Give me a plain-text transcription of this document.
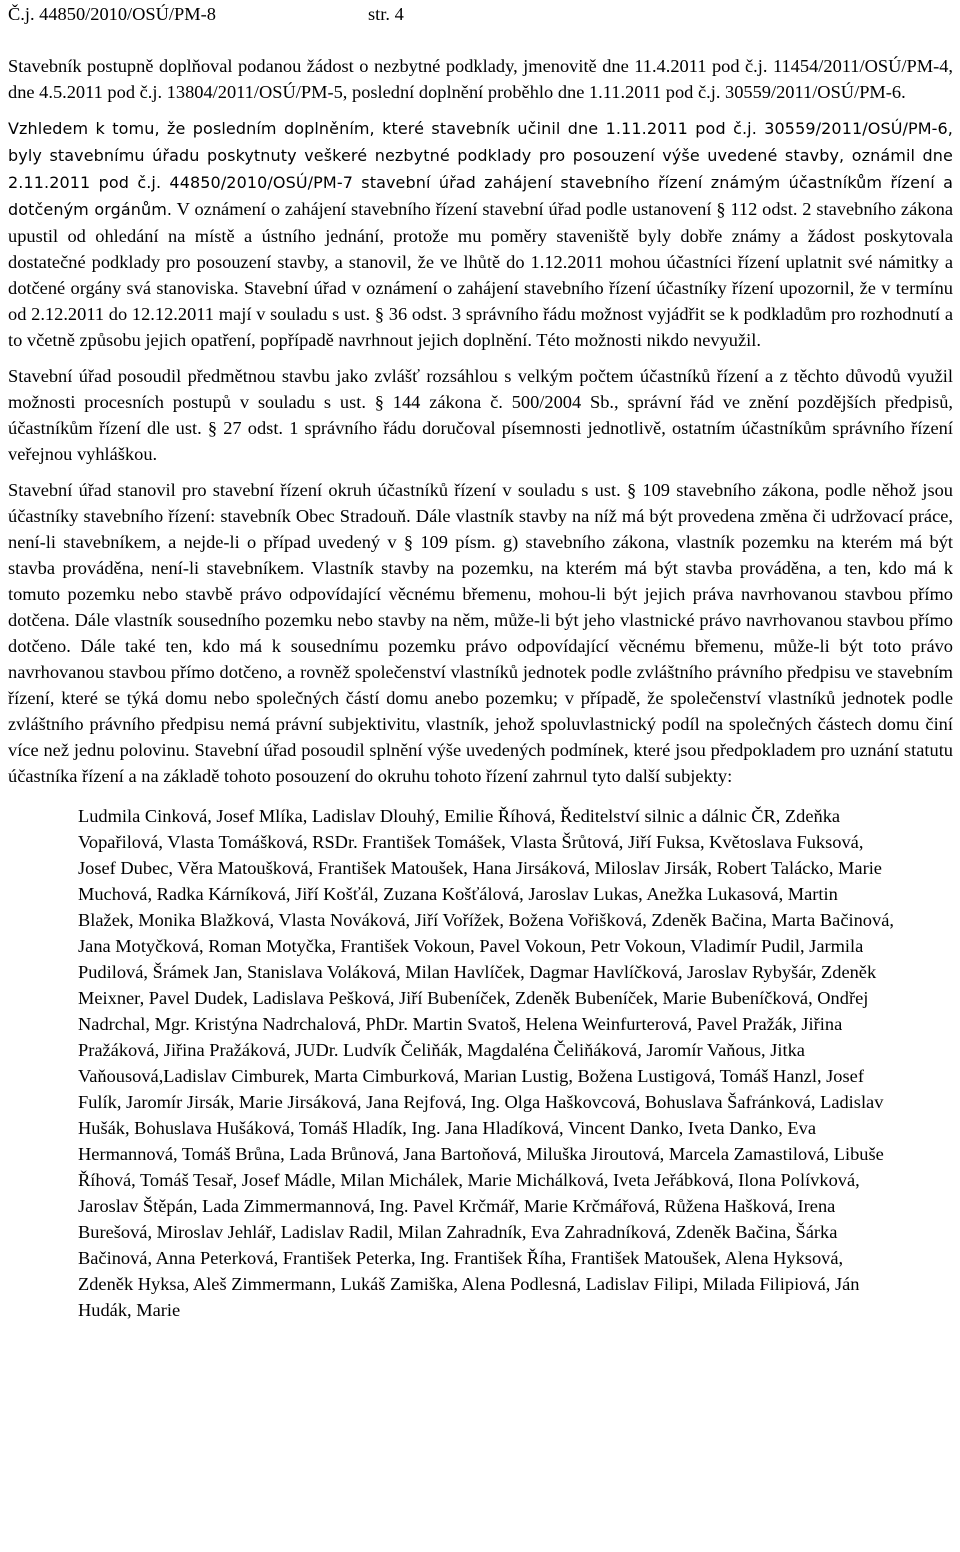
Č.j. 44850/2010/OSÚ/PM-8	str. 4

Stavebník postupně doplňoval podanou žádost o nezbytné podklady, jmenovitě dne 11.4.2011 pod č.j. 11454/2011/OSÚ/PM-4, dne 4.5.2011 pod č.j. 13804/2011/OSÚ/PM-5, poslední doplnění proběhlo dne 1.11.2011 pod č.j. 30559/2011/OSÚ/PM-6.

Vzhledem k tomu, že posledním doplněním, které stavebník učinil dne 1.11.2011 pod č.j. 30559/2011/OSÚ/PM-6, byly stavebnímu úřadu poskytnuty veškeré nezbytné podklady pro posouzení výše uvedené stavby, oznámil dne 2.11.2011 pod č.j. 44850/2010/OSÚ/PM-7 stavební úřad zahájení stavebního řízení známým účastníkům řízení a dotčeným orgánům. V oznámení o zahájení stavebního řízení stavební úřad podle ustanovení § 112 odst. 2 stavebního zákona upustil od ohledání na místě a ústního jednání, protože mu poměry staveniště byly dobře známy a žádost poskytovala dostatečné podklady pro posouzení stavby, a stanovil, že ve lhůtě do 1.12.2011 mohou účastníci řízení uplatnit své námitky a dotčené orgány svá stanoviska. Stavební úřad v oznámení o zahájení stavebního řízení účastníky řízení upozornil, že v termínu od 2.12.2011 do 12.12.2011 mají v souladu s ust. § 36 odst. 3 správního řádu možnost vyjádřit se k podkladům pro rozhodnutí a to včetně způsobu jejich opatření, popřípadě navrhnout jejich doplnění. Této možnosti nikdo nevyužil.

Stavební úřad posoudil předmětnou stavbu jako zvlášť rozsáhlou s velkým počtem účastníků řízení a z těchto důvodů využil možnosti procesních postupů v souladu s ust. § 144 zákona č. 500/2004 Sb., správní řád ve znění pozdějších předpisů, účastníkům řízení dle ust. § 27 odst. 1 správního řádu doručoval písemnosti jednotlivě, ostatním účastníkům správního řízení veřejnou vyhláškou.

Stavební úřad stanovil pro stavební řízení okruh účastníků řízení v souladu s ust. § 109 stavebního zákona, podle něhož jsou účastníky stavebního řízení: stavebník Obec Stradouň. Dále vlastník stavby na níž má být provedena změna či udržovací práce, není-li stavebníkem, a nejde-li o případ uvedený v § 109 písm. g) stavebního zákona, vlastník pozemku na kterém má být stavba prováděna, není-li stavebníkem. Vlastník stavby na pozemku, na kterém má být stavba prováděna, a ten, kdo má k tomuto pozemku nebo stavbě právo odpovídající věcnému břemenu, mohou-li být jejich práva navrhovanou stavbou přímo dotčena. Dále vlastník sousedního pozemku nebo stavby na něm, může-li být jeho vlastnické právo navrhovanou stavbou přímo dotčeno. Dále také ten, kdo má k sousednímu pozemku právo odpovídající věcnému břemenu, může-li být toto právo navrhovanou stavbou přímo dotčeno, a rovněž společenství vlastníků jednotek podle zvláštního právního předpisu ve stavebním řízení, které se týká domu nebo společných částí domu anebo pozemku; v případě, že společenství vlastníků jednotek podle zvláštního právního předpisu nemá právní subjektivitu, vlastník, jehož spoluvlastnický podíl na společných částech domu činí více než jednu polovinu. Stavební úřad posoudil splnění výše uvedených podmínek, které jsou předpokladem pro uznání statutu účastníka řízení a na základě tohoto posouzení do okruhu tohoto řízení zahrnul tyto další subjekty:

Ludmila Cinková, Josef Mlíka, Ladislav Dlouhý, Emilie Říhová, Ředitelství silnic a dálnic ČR, Zdeňka Vopařilová, Vlasta Tomášková, RSDr. František Tomášek, Vlasta Šrůtová, Jiří Fuksa, Květoslava Fuksová, Josef Dubec, Věra Matoušková, František Matoušek, Hana Jirsáková, Miloslav Jirsák, Robert Talácko, Marie Muchová, Radka Kárníková, Jiří Košťál, Zuzana Košťálová, Jaroslav Lukas, Anežka Lukasová, Martin Blažek, Monika Blažková, Vlasta Nováková, Jiří Vořížek, Božena Vořišková, Zdeněk Bačina, Marta Bačinová, Jana Motyčková, Roman Motyčka, František Vokoun, Pavel Vokoun, Petr Vokoun, Vladimír Pudil, Jarmila Pudilová, Šrámek Jan, Stanislava Voláková, Milan Havlíček, Dagmar Havlíčková, Jaroslav Rybyšár, Zdeněk Meixner, Pavel Dudek, Ladislava Pešková, Jiří Bubeníček, Zdeněk Bubeníček, Marie Bubeníčková, Ondřej Nadrchal, Mgr. Kristýna Nadrchalová, PhDr. Martin Svatoš, Helena Weinfurterová, Pavel Pražák, Jiřina Pražáková, Jiřina Pražáková, JUDr. Ludvík Čeliňák, Magdaléna Čeliňáková, Jaromír Vaňous, Jitka Vaňousová,Ladislav Cimburek, Marta Cimburková, Marian Lustig, Božena Lustigová, Tomáš Hanzl, Josef Fulík, Jaromír Jirsák, Marie Jirsáková, Jana Rejfová, Ing. Olga Haškovcová, Bohuslava Šafránková, Ladislav Hušák, Bohuslava Hušáková, Tomáš Hladík, Ing. Jana Hladíková, Vincent Danko, Iveta Danko, Eva Hermannová, Tomáš Brůna, Lada Brůnová, Jana Bartoňová, Miluška Jiroutová, Marcela Zamastilová, Libuše Říhová, Tomáš Tesař, Josef Mádle, Milan Michálek, Marie Michálková, Iveta Jeřábková, Ilona Polívková, Jaroslav Štěpán, Lada Zimmermannová, Ing. Pavel Krčmář, Marie Krčmářová, Růžena Hašková, Irena Burešová, Miroslav Jehlář, Ladislav Radil, Milan Zahradník, Eva Zahradníková, Zdeněk Bačina, Šárka Bačinová, Anna Peterková, František Peterka, Ing. František Říha, František Matoušek, Alena Hyksová, Zdeněk Hyksa, Aleš Zimmermann, Lukáš Zamiška, Alena Podlesná, Ladislav Filipi, Milada Filipiová, Ján Hudák, Marie
